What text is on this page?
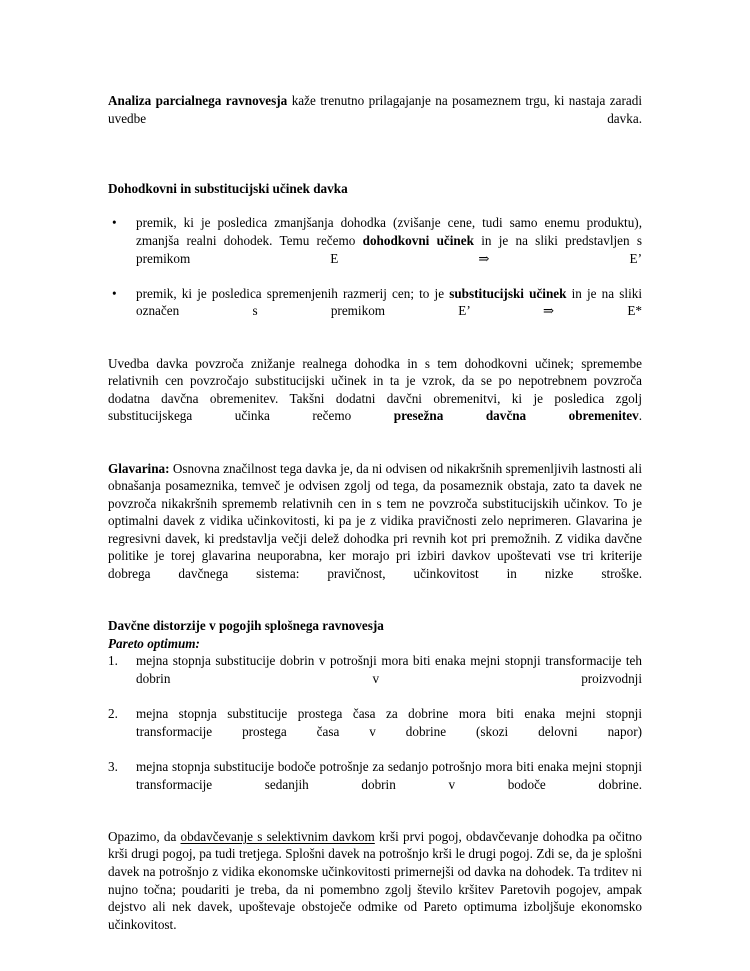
Analiza parcialnega ravnovesja kaže trenutno prilagajanje na posameznem trgu, ki nastaja zaradi uvedbe davka.

Dohodkovni in substitucijski učinek davka
• premik, ki je posledica zmanjšanja dohodka (zvišanje cene, tudi samo enemu produktu), zmanjša realni dohodek. Temu rečemo dohodkovni učinek in je na sliki predstavljen s premikom E ⇒ E’
• premik, ki je posledica spremenjenih razmerij cen; to je substitucijski učinek in je na sliki označen s premikom E’ ⇒ E*

Uvedba davka povzroča znižanje realnega dohodka in s tem dohodkovni učinek; spremembe relativnih cen povzročajo substitucijski učinek in ta je vzrok, da se po nepotrebnem povzroča dodatna davčna obremenitev. Takšni dodatni davčni obremenitvi, ki je posledica zgolj substitucijskega učinka rečemo presežna davčna obremenitev.

Glavarina: Osnovna značilnost tega davka je, da ni odvisen od nikakršnih spremenljivih lastnosti ali obnašanja posameznika, temveč je odvisen zgolj od tega, da posameznik obstaja, zato ta davek ne povzroča nikakršnih sprememb relativnih cen in s tem ne povzroča substitucijskih učinkov. To je optimalni davek z vidika učinkovitosti, ki pa je z vidika pravičnosti zelo neprimeren. Glavarina je regresivni davek, ki predstavlja večji delež dohodka pri revnih kot pri premožnih. Z vidika davčne politike je torej glavarina neuporabna, ker morajo pri izbiri davkov upoštevati vse tri kriterije dobrega davčnega sistema: pravičnost, učinkovitost in nizke stroške.

Davčne distorzije v pogojih splošnega ravnovesja

Pareto optimum:

1.	mejna stopnja substitucije dobrin v potrošnji mora biti enaka mejni stopnji transformacije teh dobrin v proizvodnji
2.	mejna stopnja substitucije prostega časa za dobrine mora biti enaka mejni stopnji transformacije prostega časa v dobrine (skozi delovni napor)
3.	mejna stopnja substitucije bodoče potrošnje za sedanjo potrošnjo mora biti enaka mejni stopnji transformacije sedanjih dobrin v bodoče dobrine.

Opazimo, da obdavčevanje s selektivnim davkom krši prvi pogoj, obdavčevanje dohodka pa očitno krši drugi pogoj, pa tudi tretjega. Splošni davek na potrošnjo krši le drugi pogoj. Zdi se, da je splošni davek na potrošnjo z vidika ekonomske učinkovitosti primernejši od davka na dohodek. Ta trditev ni nujno točna; poudariti je treba, da ni pomembno zgolj število kršitev Paretovih pogojev, ampak dejstvo ali nek davek, upoštevaje obstoječe odmike od Pareto optimuma izboljšuje ekonomsko učinkovitost.
